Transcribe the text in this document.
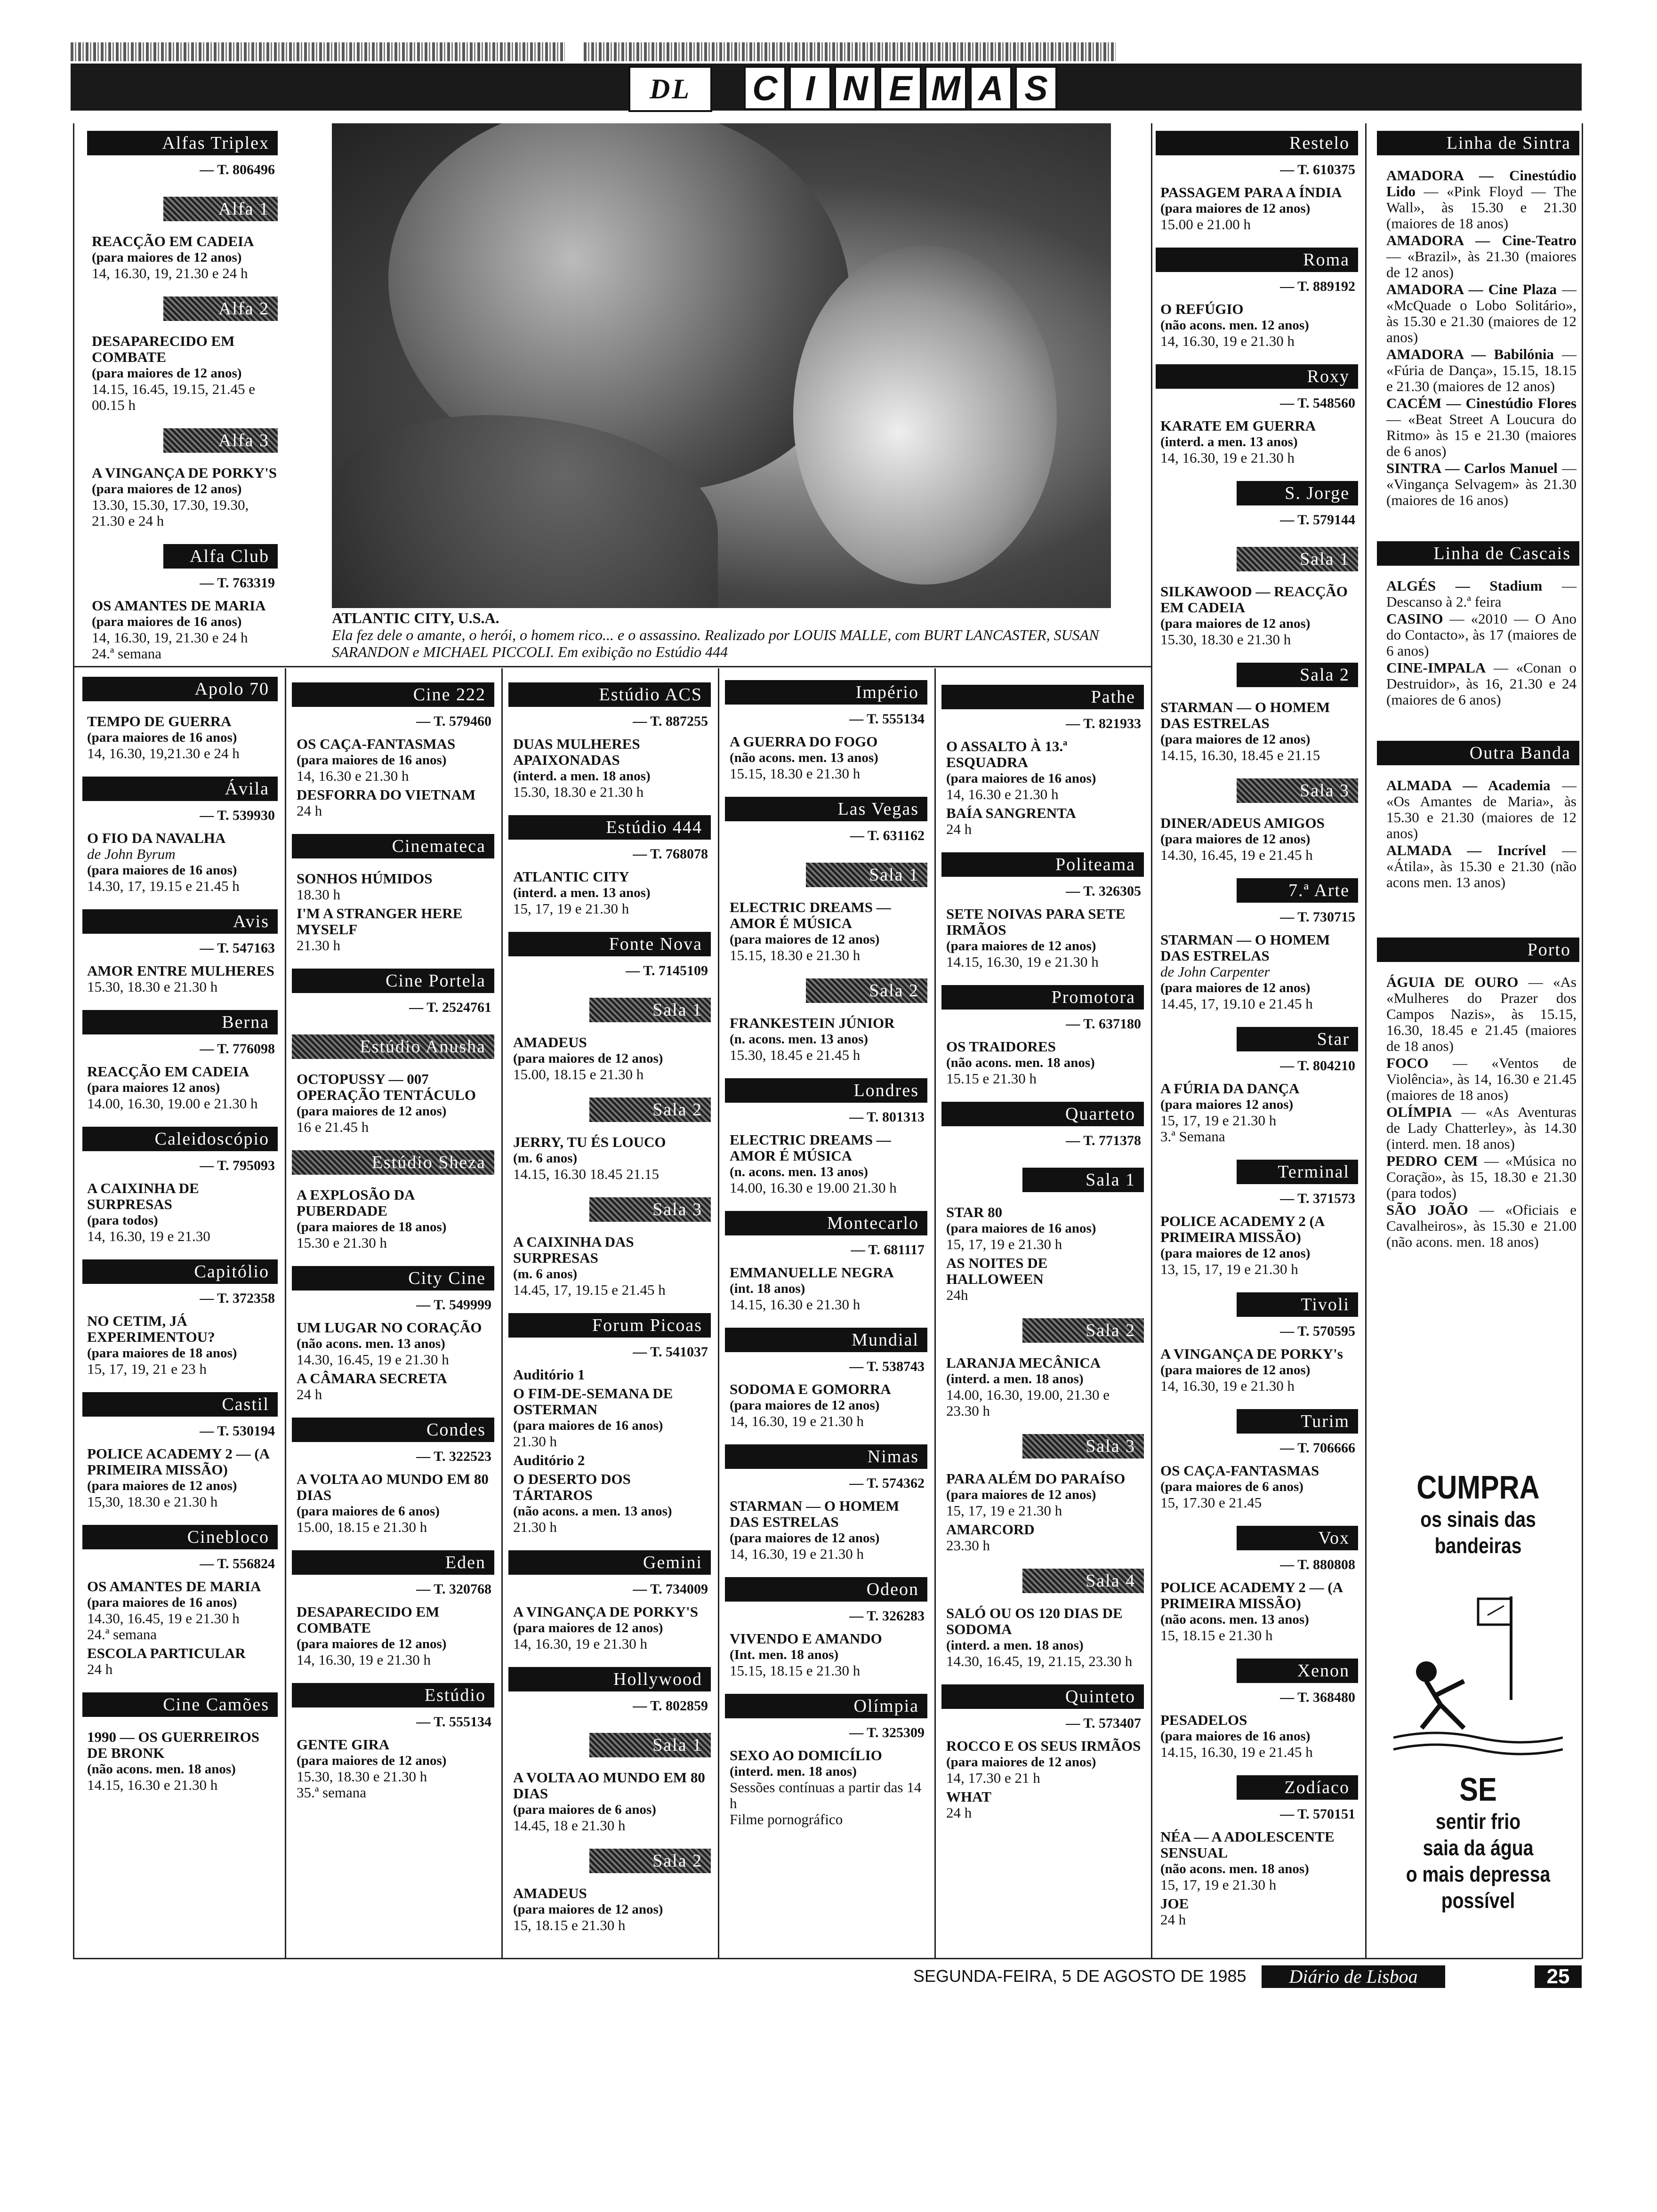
DL	C I N E M A S
ATLANTIC CITY, U.S.A.
Ela fez dele o amante, o herói, o homem rico... e o assassino. Realizado por LOUIS MALLE, com BURT LANCASTER, SUSAN SARANDON e MICHAEL PICCOLI. Em exibição no Estúdio 444
Alfas Triplex
— T. 806496
Alfa 1
REACÇÃO EM CADEIA
(para maiores de 12 anos)
14, 16.30, 19, 21.30 e 24 h
Alfa 2
DESAPARECIDO EM COMBATE
(para maiores de 12 anos)
14.15, 16.45, 19.15, 21.45 e 00.15 h
Alfa 3
A VINGANÇA DE PORKY'S
(para maiores de 12 anos)
13.30, 15.30, 17.30, 19.30, 21.30 e 24 h
Alfa Club
— T. 763319
OS AMANTES DE MARIA
(para maiores de 16 anos)
14, 16.30, 19, 21.30 e 24 h
24.ª semana
Apolo 70
TEMPO DE GUERRA
(para maiores de 16 anos)
14, 16.30, 19,21.30 e 24 h
Ávila
— T. 539930
O FIO DA NAVALHA
de John Byrum
(para maiores de 16 anos)
14.30, 17, 19.15 e 21.45 h
Avis
— T. 547163
AMOR ENTRE MULHERES
15.30, 18.30 e 21.30 h
Berna
— T. 776098
REACÇÃO EM CADEIA
(para maiores 12 anos)
14.00, 16.30, 19.00 e 21.30 h
Caleidoscópio
— T. 795093
A CAIXINHA DE SURPRESAS
(para todos)
14, 16.30, 19 e 21.30
Capitólio
— T. 372358
NO CETIM, JÁ EXPERIMENTOU?
(para maiores de 18 anos)
15, 17, 19, 21 e 23 h
Castil
— T. 530194
POLICE ACADEMY 2 — (A PRIMEIRA MISSÃO)
(para maiores de 12 anos)
15,30, 18.30 e 21.30 h
Cinebloco
— T. 556824
OS AMANTES DE MARIA
(para maiores de 16 anos)
14.30, 16.45, 19 e 21.30 h
24.ª semana
ESCOLA PARTICULAR
24 h
Cine Camões
1990 — OS GUERREIROS DE BRONK
(não acons. men. 18 anos)
14.15, 16.30 e 21.30 h
Cine 222
— T. 579460
OS CAÇA-FANTASMAS
(para maiores de 16 anos)
14, 16.30 e 21.30 h
DESFORRA DO VIETNAM
24 h
Cinemateca
SONHOS HÚMIDOS
18.30 h
I'M A STRANGER HERE MYSELF
21.30 h
Cine Portela
— T. 2524761
Estúdio Anusha
OCTOPUSSY — 007 OPERAÇÃO TENTÁCULO
(para maiores de 12 anos)
16 e 21.45 h
Estúdio Sheza
A EXPLOSÃO DA PUBERDADE
(para maiores de 18 anos)
15.30 e 21.30 h
City Cine
— T. 549999
UM LUGAR NO CORAÇÃO
(não acons. men. 13 anos)
14.30, 16.45, 19 e 21.30 h
A CÂMARA SECRETA
24 h
Condes
— T. 322523
A VOLTA AO MUNDO EM 80 DIAS
(para maiores de 6 anos)
15.00, 18.15 e 21.30 h
Eden
— T. 320768
DESAPARECIDO EM COMBATE
(para maiores de 12 anos)
14, 16.30, 19 e 21.30 h
Estúdio
— T. 555134
GENTE GIRA
(para maiores de 12 anos)
15.30, 18.30 e 21.30 h
35.ª semana
Estúdio ACS
— T. 887255
DUAS MULHERES APAIXONADAS
(interd. a men. 18 anos)
15.30, 18.30 e 21.30 h
Estúdio 444
— T. 768078
ATLANTIC CITY
(interd. a men. 13 anos)
15, 17, 19 e 21.30 h
Fonte Nova
— T. 7145109
Sala 1
AMADEUS
(para maiores de 12 anos)
15.00, 18.15 e 21.30 h
Sala 2
JERRY, TU ÉS LOUCO
(m. 6 anos)
14.15, 16.30 18.45 21.15
Sala 3
A CAIXINHA DAS SURPRESAS
(m. 6 anos)
14.45, 17, 19.15 e 21.45 h
Forum Picoas
— T. 541037
Auditório 1
O FIM-DE-SEMANA DE OSTERMAN
(para maiores de 16 anos)
21.30 h
Auditório 2
O DESERTO DOS TÁRTAROS
(não acons. a men. 13 anos)
21.30 h
Gemini
— T. 734009
A VINGANÇA DE PORKY'S
(para maiores de 12 anos)
14, 16.30, 19 e 21.30 h
Hollywood
— T. 802859
Sala 1
A VOLTA AO MUNDO EM 80 DIAS
(para maiores de 6 anos)
14.45, 18 e 21.30 h
Sala 2
AMADEUS
(para maiores de 12 anos)
15, 18.15 e 21.30 h
Império
— T. 555134
A GUERRA DO FOGO
(não acons. men. 13 anos)
15.15, 18.30 e 21.30 h
Las Vegas
— T. 631162
Sala 1
ELECTRIC DREAMS — AMOR É MÚSICA
(para maiores de 12 anos)
15.15, 18.30 e 21.30 h
Sala 2
FRANKESTEIN JÚNIOR
(n. acons. men. 13 anos)
15.30, 18.45 e 21.45 h
Londres
— T. 801313
ELECTRIC DREAMS — AMOR É MÚSICA
(n. acons. men. 13 anos)
14.00, 16.30 e 19.00 21.30 h
Montecarlo
— T. 681117
EMMANUELLE NEGRA
(int. 18 anos)
14.15, 16.30 e 21.30 h
Mundial
— T. 538743
SODOMA E GOMORRA
(para maiores de 12 anos)
14, 16.30, 19 e 21.30 h
Nimas
— T. 574362
STARMAN — O HOMEM DAS ESTRELAS
(para maiores de 12 anos)
14, 16.30, 19 e 21.30 h
Odeon
— T. 326283
VIVENDO E AMANDO
(Int. men. 18 anos)
15.15, 18.15 e 21.30 h
Olímpia
— T. 325309
SEXO AO DOMICÍLIO
(interd. men. 18 anos)
Sessões contínuas a partir das 14 h
Filme pornográfico
Pathe
— T. 821933
O ASSALTO À 13.ª ESQUADRA
(para maiores de 16 anos)
14, 16.30 e 21.30 h
BAÍA SANGRENTA
24 h
Politeama
— T. 326305
SETE NOIVAS PARA SETE IRMÃOS
(para maiores de 12 anos)
14.15, 16.30, 19 e 21.30 h
Promotora
— T. 637180
OS TRAIDORES
(não acons. men. 18 anos)
15.15 e 21.30 h
Quarteto
— T. 771378
Sala 1
STAR 80
(para maiores de 16 anos)
15, 17, 19 e 21.30 h
AS NOITES DE HALLOWEEN
24h
Sala 2
LARANJA MECÂNICA
(interd. a men. 18 anos)
14.00, 16.30, 19.00, 21.30 e 23.30 h
Sala 3
PARA ALÉM DO PARAÍSO
(para maiores de 12 anos)
15, 17, 19 e 21.30 h
AMARCORD
23.30 h
Sala 4
SALÓ OU OS 120 DIAS DE SODOMA
(interd. a men. 18 anos)
14.30, 16.45, 19, 21.15, 23.30 h
Quinteto
— T. 573407
ROCCO E OS SEUS IRMÃOS
(para maiores de 12 anos)
14, 17.30 e 21 h
WHAT
24 h
Restelo
— T. 610375
PASSAGEM PARA A ÍNDIA
(para maiores de 12 anos)
15.00 e 21.00 h
Roma
— T. 889192
O REFÚGIO
(não acons. men. 12 anos)
14, 16.30, 19 e 21.30 h
Roxy
— T. 548560
KARATE EM GUERRA
(interd. a men. 13 anos)
14, 16.30, 19 e 21.30 h
S. Jorge
— T. 579144
Sala 1
SILKAWOOD — REACÇÃO EM CADEIA
(para maiores de 12 anos)
15.30, 18.30 e 21.30 h
Sala 2
STARMAN — O HOMEM DAS ESTRELAS
(para maiores de 12 anos)
14.15, 16.30, 18.45 e 21.15
Sala 3
DINER/ADEUS AMIGOS
(para maiores de 12 anos)
14.30, 16.45, 19 e 21.45 h
7.ª Arte
— T. 730715
STARMAN — O HOMEM DAS ESTRELAS
de John Carpenter
(para maiores de 12 anos)
14.45, 17, 19.10 e 21.45 h
Star
— T. 804210
A FÚRIA DA DANÇA
(para maiores 12 anos)
15, 17, 19 e 21.30 h
3.ª Semana
Terminal
— T. 371573
POLICE ACADEMY 2 (A PRIMEIRA MISSÃO)
(para maiores de 12 anos)
13, 15, 17, 19 e 21.30 h
Tivoli
— T. 570595
A VINGANÇA DE PORKY's
(para maiores de 12 anos)
14, 16.30, 19 e 21.30 h
Turim
— T. 706666
OS CAÇA-FANTASMAS
(para maiores de 6 anos)
15, 17.30 e 21.45
Vox
— T. 880808
POLICE ACADEMY 2 — (A PRIMEIRA MISSÃO)
(não acons. men. 13 anos)
15, 18.15 e 21.30 h
Xenon
— T. 368480
PESADELOS
(para maiores de 16 anos)
14.15, 16.30, 19 e 21.45 h
Zodíaco
— T. 570151
NÉA — A ADOLESCENTE SENSUAL
(não acons. men. 18 anos)
15, 17, 19 e 21.30 h
JOE
24 h
Linha de Sintra

AMADORA — Cinestúdio Lido — «Pink Floyd — The Wall», às 15.30 e 21.30 (maiores de 18 anos)

AMADORA — Cine-Teatro — «Brazil», às 21.30 (maiores de 12 anos)

AMADORA — Cine Plaza — «McQuade o Lobo Solitário», às 15.30 e 21.30 (maiores de 12 anos)

AMADORA — Babilónia — «Fúria de Dança», 15.15, 18.15 e 21.30 (maiores de 12 anos)

CACÉM — Cinestúdio Flores — «Beat Street A Loucura do Ritmo» às 15 e 21.30 (maiores de 6 anos)

SINTRA — Carlos Manuel — «Vingança Selvagem» às 21.30 (maiores de 16 anos)

Linha de Cascais

ALGÉS — Stadium — Descanso à 2.ª feira

CASINO — «2010 — O Ano do Contacto», às 17 (maiores de 6 anos)

CINE-IMPALA — «Conan o Destruidor», às 16, 21.30 e 24 (maiores de 6 anos)

Outra Banda

ALMADA — Academia — «Os Amantes de Maria», às 15.30 e 21.30 (maiores de 12 anos)

ALMADA — Incrível — «Átila», às 15.30 e 21.30 (não acons men. 13 anos)

Porto

ÁGUIA DE OURO — «As «Mulheres do Prazer dos Campos Nazis», às 15.15, 16.30, 18.45 e 21.45 (maiores de 18 anos)

FOCO — «Ventos de Violência», às 14, 16.30 e 21.45 (maiores de 18 anos)

OLÍMPIA — «As Aventuras de Lady Chatterley», às 14.30 (interd. men. 18 anos)

PEDRO CEM — «Música no Coração», às 15, 18.30 e 21.30 (para todos)

SÃO JOÃO — «Oficiais e Cavalheiros», às 15.30 e 21.00 (não acons. men. 18 anos)

CUMPRA
os sinais das
bandeiras
SE
sentir frio
saia da água
o mais depressa
possível
SEGUNDA-FEIRA, 5 DE AGOSTO DE 1985	Diário de Lisboa	25
